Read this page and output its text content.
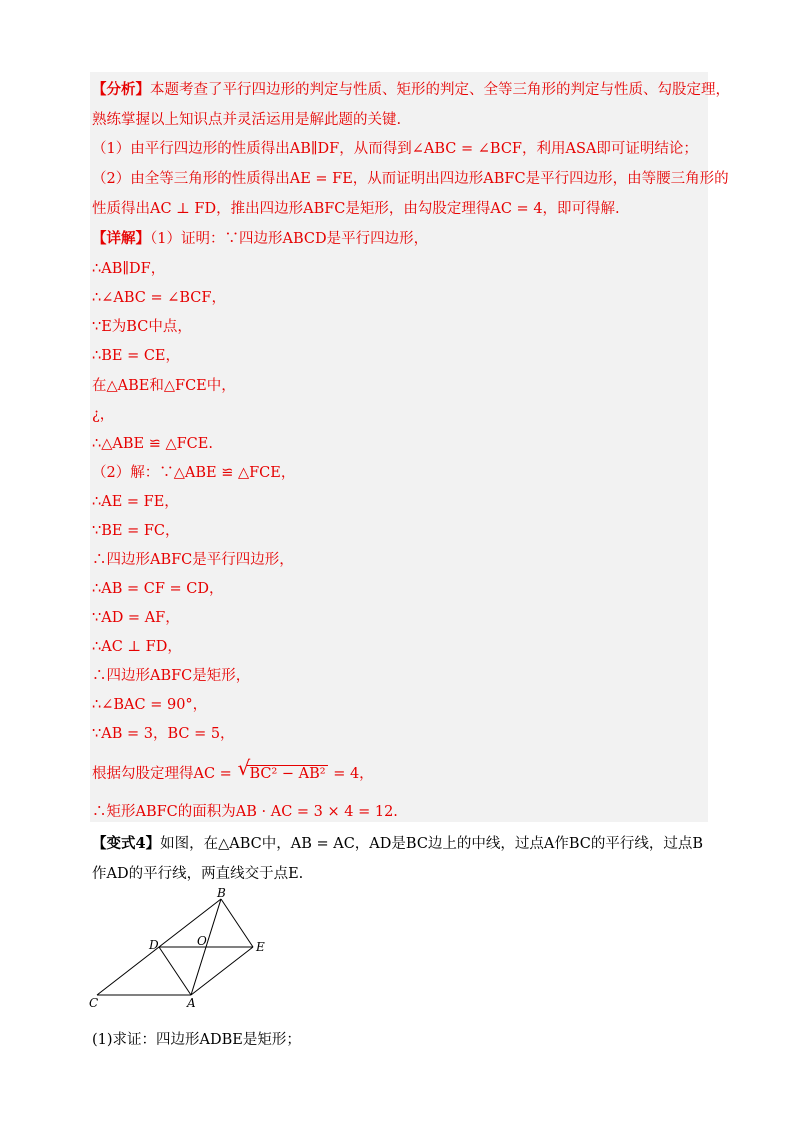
【分析】本题考查了平行四边形的判定与性质、矩形的判定、全等三角形的判定与性质、勾股定理，
熟练掌握以上知识点并灵活运用是解此题的关键.
（1）由平行四边形的性质得出AB∥DF，从而得到∠ABC = ∠BCF，利用ASA即可证明结论；
（2）由全等三角形的性质得出AE = FE，从而证明出四边形ABFC是平行四边形，由等腰三角形的
性质得出AC ⊥ FD，推出四边形ABFC是矩形，由勾股定理得AC = 4，即可得解.
【详解】（1）证明：∵四边形ABCD是平行四边形，
∴AB∥DF，
∴∠ABC = ∠BCF，
∵E为BC中点，
∴BE = CE，
在△ABE和△FCE中，
¿，
∴△ABE ≌ △FCE.
（2）解：∵△ABE ≌ △FCE，
∴AE = FE，
∵BE = FC，
∴四边形ABFC是平行四边形，
∴AB = CF = CD，
∵AD = AF，
∴AC ⊥ FD，
∴四边形ABFC是矩形，
∴∠BAC = 90°，
∵AB = 3，BC = 5，
根据勾股定理得AC = √ BC² − AB² = 4，
∴矩形ABFC的面积为AB · AC = 3 × 4 = 12.
【变式4】如图，在△ABC中，AB = AC，AD是BC边上的中线，过点A作BC的平行线，过点B
作AD的平行线，两直线交于点E.
B
D	O	E
C	A
(1)求证：四边形ADBE是矩形；
